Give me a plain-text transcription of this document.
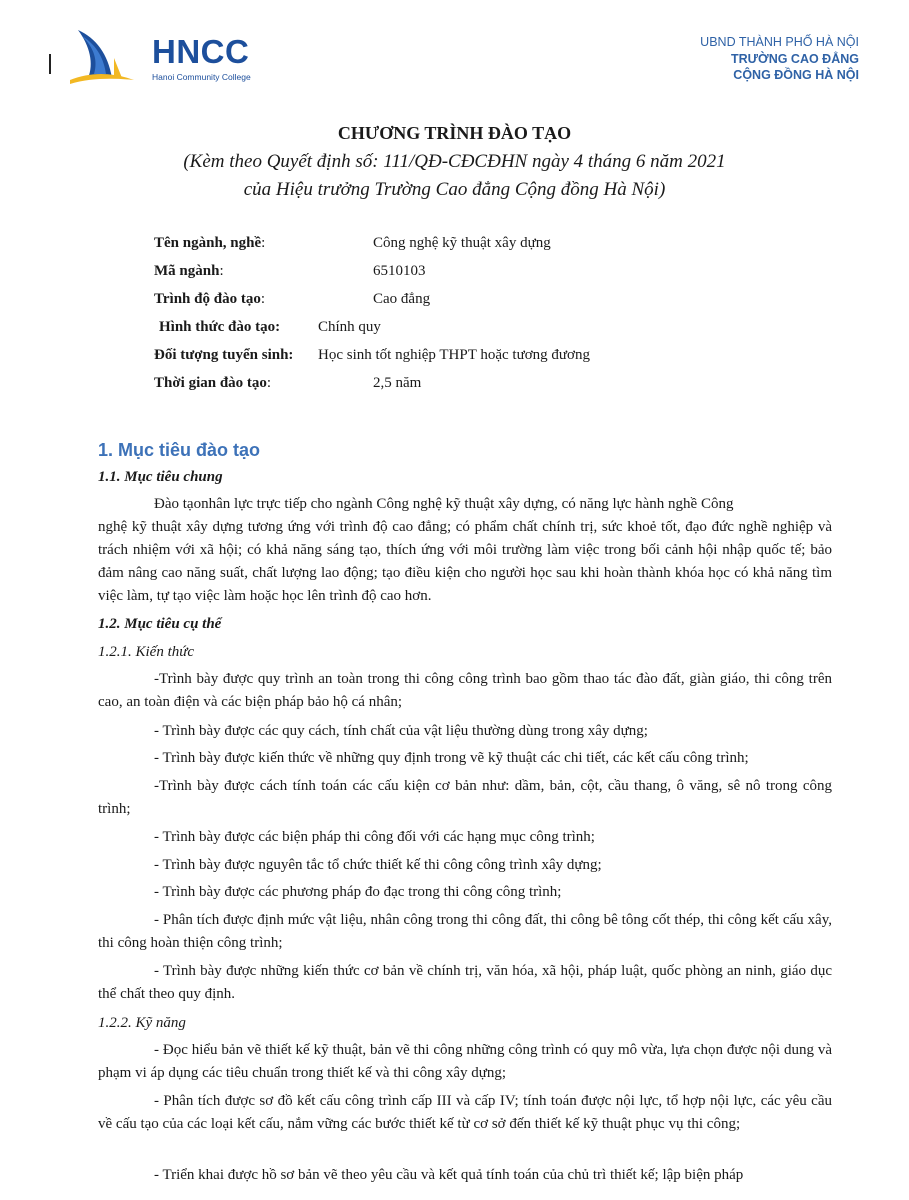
HNCC
Hanoi Community College
UBND THÀNH PHỐ HÀ NỘI
TRƯỜNG CAO ĐẲNG
CỘNG ĐỒNG HÀ NỘI
CHƯƠNG TRÌNH ĐÀO TẠO
(Kèm theo Quyết định số: 111/QĐ-CĐCĐHN ngày 4 tháng 6 năm 2021
của Hiệu trưởng Trường Cao đẳng Cộng đồng Hà Nội)
Tên ngành, nghề:	Công nghệ kỹ thuật xây dựng
Mã ngành:	6510103
Trình độ đào tạo:	Cao đẳng
Hình thức đào tạo:	Chính quy
Đối tượng tuyển sinh: Học sinh tốt nghiệp THPT hoặc tương đương
Thời gian đào tạo:	2,5 năm
1. Mục tiêu đào tạo
1.1. Mục tiêu chung
Đào tạonhân lực trực tiếp cho ngành Công nghệ kỹ thuật xây dựng, có năng lực hành nghề Công
nghệ kỹ thuật xây dựng tương ứng với trình độ cao đẳng; có phẩm chất chính trị, sức khoẻ tốt, đạo đức nghề nghiệp và trách nhiệm với xã hội; có khả năng sáng tạo, thích ứng với môi trường làm việc trong bối cảnh hội nhập quốc tế; bảo đảm nâng cao năng suất, chất lượng lao động; tạo điều kiện cho người học sau khi hoàn thành khóa học có khả năng tìm việc làm, tự tạo việc làm hoặc học lên trình độ cao hơn.
1.2. Mục tiêu cụ thể
1.2.1. Kiến thức
-Trình bày được quy trình an toàn trong thi công công trình bao gồm thao tác đào đất, giàn giáo, thi công trên cao, an toàn điện và các biện pháp bảo hộ cá nhân;
- Trình bày được các quy cách, tính chất của vật liệu thường dùng trong xây dựng;
- Trình bày được kiến thức về những quy định trong vẽ kỹ thuật các chi tiết, các kết cấu công trình;
-Trình bày được cách tính toán các cấu kiện cơ bản như: dầm, bản, cột, cầu thang, ô văng, sê nô trong công trình;
- Trình bày được các biện pháp thi công đối với các hạng mục công trình;
- Trình bày được nguyên tắc tổ chức thiết kế thi công công trình xây dựng;
- Trình bày được các phương pháp đo đạc trong thi công công trình;
- Phân tích được định mức vật liệu, nhân công trong thi công đất, thi công bê tông cốt thép, thi công kết cấu xây, thi công hoàn thiện công trình;
- Trình bày được những kiến thức cơ bản về chính trị, văn hóa, xã hội, pháp luật, quốc phòng an ninh, giáo dục thể chất theo quy định.
1.2.2. Kỹ năng
- Đọc hiểu bản vẽ thiết kế kỹ thuật, bản vẽ thi công những công trình có quy mô vừa, lựa chọn được nội dung và phạm vi áp dụng các tiêu chuẩn trong thiết kế và thi công xây dựng;
- Phân tích được sơ đồ kết cấu công trình cấp III và cấp IV; tính toán được nội lực, tổ hợp nội lực, các yêu cầu về cấu tạo của các loại kết cấu, nắm vững các bước thiết kế từ cơ sở đến thiết kế kỹ thuật phục vụ thi công;
- Triển khai được hồ sơ bản vẽ theo yêu cầu và kết quả tính toán của chủ trì thiết kế; lập biện pháp
